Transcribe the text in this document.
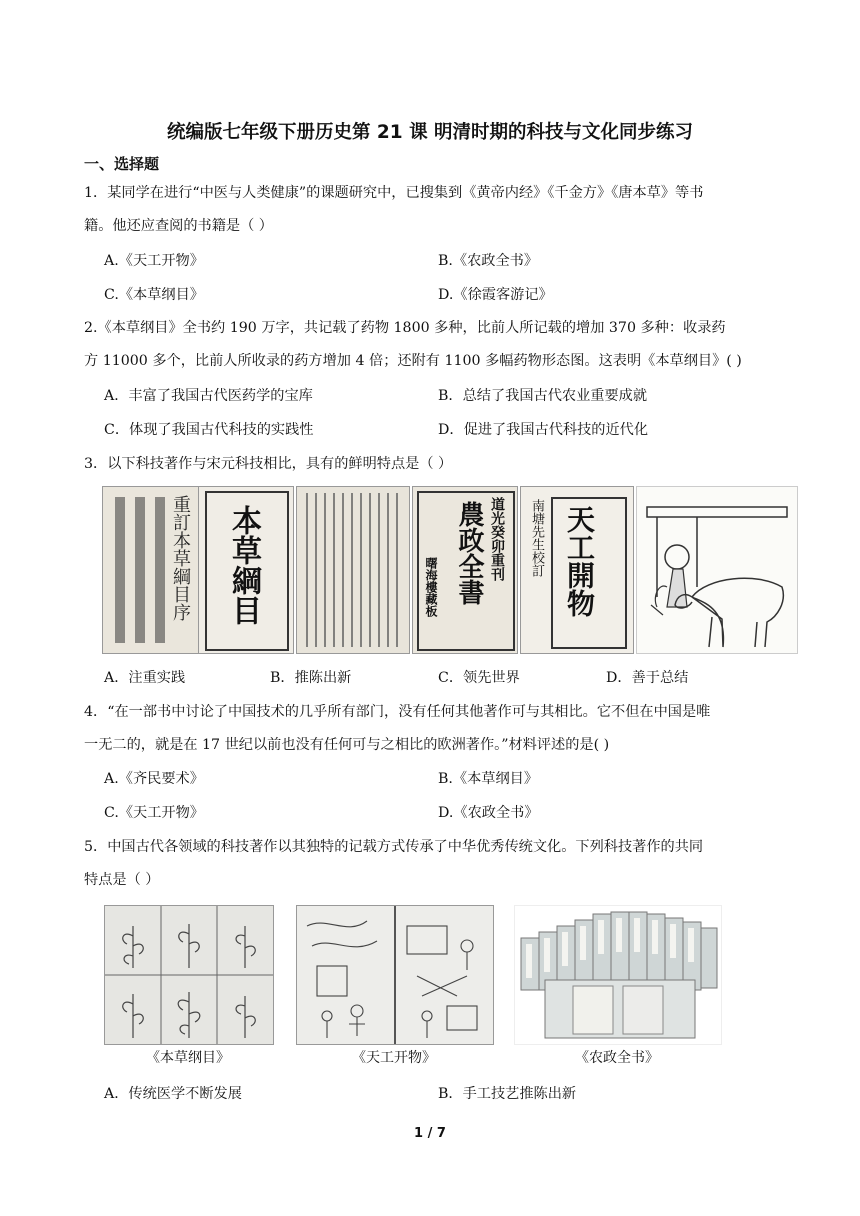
统编版七年级下册历史第 21 课 明清时期的科技与文化同步练习
一、选择题
1．某同学在进行“中医与人类健康”的课题研究中，已搜集到《黄帝内经》《千金方》《唐本草》等书
籍。他还应查阅的书籍是（ ）
A.《天工开物》	B.《农政全书》
C.《本草纲目》	D.《徐霞客游记》
2.《本草纲目》全书约 190 万字，共记载了药物 1800 多种，比前人所记载的增加 370 多种：收录药
方 11000 多个，比前人所收录的药方增加 4 倍；还附有 1100 多幅药物形态图。这表明《本草纲目》( )
A．丰富了我国古代医药学的宝库	B．总结了我国古代农业重要成就
C．体现了我国古代科技的实践性	D．促进了我国古代科技的近代化
3．以下科技著作与宋元科技相比，具有的鲜明特点是（ ）
重訂本草綱目序 本草綱目	道光癸卯重刊
農政全書
曙海樓藏板	天工開物
南塘先生校訂
A．注重实践	B．推陈出新	C．领先世界	D．善于总结
4．“在一部书中讨论了中国技术的几乎所有部门，没有任何其他著作可与其相比。它不但在中国是唯
一无二的，就是在 17 世纪以前也没有任何可与之相比的欧洲著作。”材料评述的是( )
A.《齐民要术》	B.《本草纲目》
C.《天工开物》	D.《农政全书》
5．中国古代各领域的科技著作以其独特的记载方式传承了中华优秀传统文化。下列科技著作的共同
特点是（ ）
《本草纲目》	《天工开物》	《农政全书》
A．传统医学不断发展	B．手工技艺推陈出新
1 / 7
